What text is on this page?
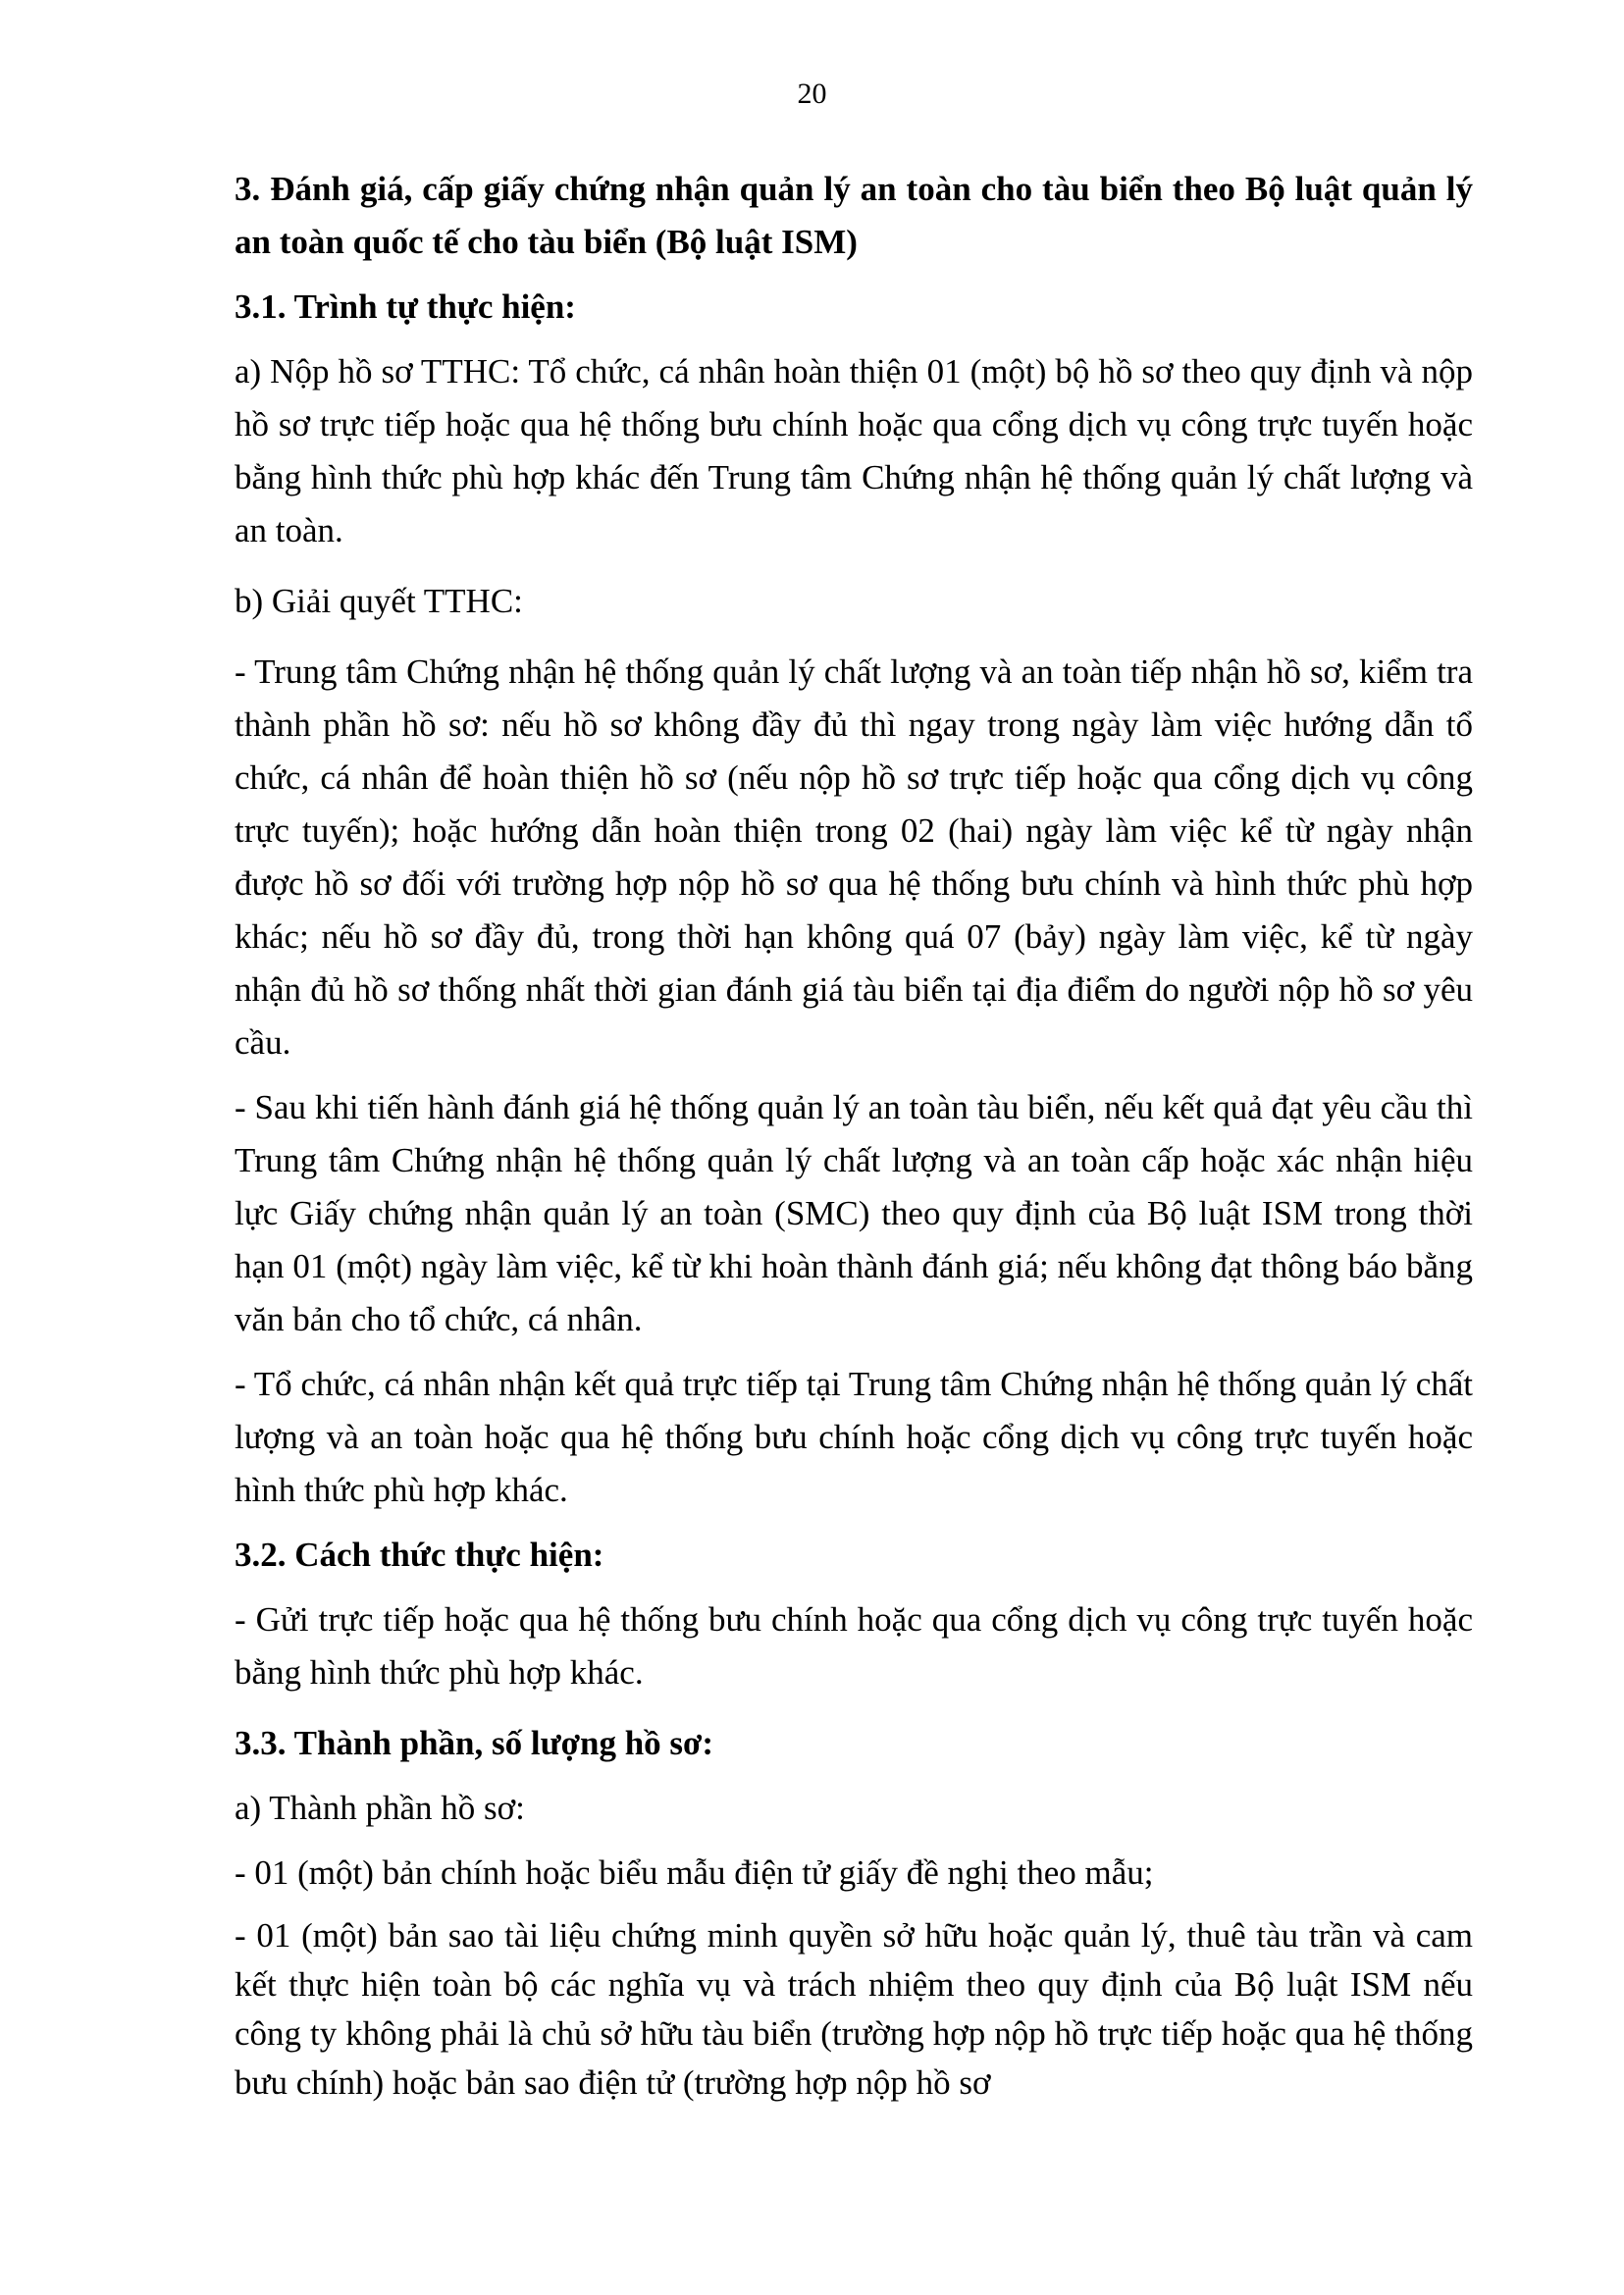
20

3. Đánh giá, cấp giấy chứng nhận quản lý an toàn cho tàu biển theo Bộ luật quản lý an toàn quốc tế cho tàu biển (Bộ luật ISM)

3.1. Trình tự thực hiện:

a) Nộp hồ sơ TTHC: Tổ chức, cá nhân hoàn thiện 01 (một) bộ hồ sơ theo quy định và nộp hồ sơ trực tiếp hoặc qua hệ thống bưu chính hoặc qua cổng dịch vụ công trực tuyến hoặc bằng hình thức phù hợp khác đến Trung tâm Chứng nhận hệ thống quản lý chất lượng và an toàn.

b) Giải quyết TTHC:

- Trung tâm Chứng nhận hệ thống quản lý chất lượng và an toàn tiếp nhận hồ sơ, kiểm tra thành phần hồ sơ: nếu hồ sơ không đầy đủ thì ngay trong ngày làm việc hướng dẫn tổ chức, cá nhân để hoàn thiện hồ sơ (nếu nộp hồ sơ trực tiếp hoặc qua cổng dịch vụ công trực tuyến); hoặc hướng dẫn hoàn thiện trong 02 (hai) ngày làm việc kể từ ngày nhận được hồ sơ đối với trường hợp nộp hồ sơ qua hệ thống bưu chính và hình thức phù hợp khác; nếu hồ sơ đầy đủ, trong thời hạn không quá 07 (bảy) ngày làm việc, kể từ ngày nhận đủ hồ sơ thống nhất thời gian đánh giá tàu biển tại địa điểm do người nộp hồ sơ yêu cầu.

- Sau khi tiến hành đánh giá hệ thống quản lý an toàn tàu biển, nếu kết quả đạt yêu cầu thì Trung tâm Chứng nhận hệ thống quản lý chất lượng và an toàn cấp hoặc xác nhận hiệu lực Giấy chứng nhận quản lý an toàn (SMC) theo quy định của Bộ luật ISM trong thời hạn 01 (một) ngày làm việc, kể từ khi hoàn thành đánh giá; nếu không đạt thông báo bằng văn bản cho tổ chức, cá nhân.

- Tổ chức, cá nhân nhận kết quả trực tiếp tại Trung tâm Chứng nhận hệ thống quản lý chất lượng và an toàn hoặc qua hệ thống bưu chính hoặc cổng dịch vụ công trực tuyến hoặc hình thức phù hợp khác.

3.2. Cách thức thực hiện:

- Gửi trực tiếp hoặc qua hệ thống bưu chính hoặc qua cổng dịch vụ công trực tuyến hoặc bằng hình thức phù hợp khác.

3.3. Thành phần, số lượng hồ sơ:

a) Thành phần hồ sơ:

- 01 (một) bản chính hoặc biểu mẫu điện tử giấy đề nghị theo mẫu;

- 01 (một) bản sao tài liệu chứng minh quyền sở hữu hoặc quản lý, thuê tàu trần và cam kết thực hiện toàn bộ các nghĩa vụ và trách nhiệm theo quy định của Bộ luật ISM nếu công ty không phải là chủ sở hữu tàu biển (trường hợp nộp hồ trực tiếp hoặc qua hệ thống bưu chính) hoặc bản sao điện tử (trường hợp nộp hồ sơ
